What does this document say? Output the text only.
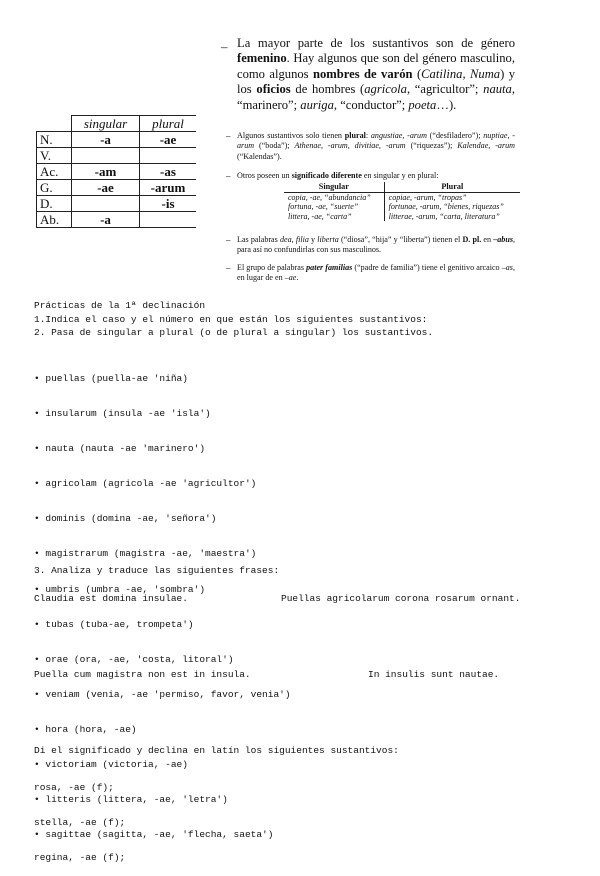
	singular	plural
N.	-a	-ae
V.		
Ac.	-am	-as
G.	-ae	-arum
D.		-is
Ab.	-a	
– La mayor parte de los sustantivos son de género femenino. Hay algunos que son del género masculino, como algunos nombres de varón (Catilina, Numa) y los oficios de hombres (agricola, “agricultor”; nauta, “marinero”; auriga, “conductor”; poeta…).
– Algunos sustantivos solo tienen plural: angustiae, -arum (“desfiladero”); nuptiae, -arum (“boda”); Athenae, -arum, divitiae, -arum (“riquezas”); Kalendae, -arum (“Kalendas”).
– Otros poseen un significado diferente en singular y en plural:
Singular	Plural
copia, -ae, “abundancia”	copiae, -arum, “tropas”
fortuna, -ae, “suerte”	fortunae, -arum, “bienes, riquezas”
littera, -ae, “carta”	litterae, -arum, “carta, literatura”
– Las palabras dea, filia y liberta (“diosa”, “hija” y “liberta”) tienen el D. pl. en –abus, para así no confundirlas con sus masculinos.
– El grupo de palabras pater familias (“padre de familia”) tiene el genitivo arcaico –as, en lugar de en –ae.
Prácticas de la 1ª declinación
1.Indica el caso y el número en que están los siguientes sustantivos:
2. Pasa de singular a plural (o de plural a singular) los sustantivos.

• puellas (puella-ae 'niña)

• insularum (insula -ae 'isla')

• nauta (nauta -ae 'marinero')

• agricolam (agricola -ae 'agricultor')

• dominis (domina -ae, 'señora')

• magistrarum (magistra -ae, 'maestra')

• umbris (umbra -ae, 'sombra')

• tubas (tuba-ae, trompeta')

• orae (ora, -ae, 'costa, litoral')

• veniam (venia, -ae 'permiso, favor, venia')

• hora (hora, -ae)

• victoriam (victoria, -ae)

• litteris (littera, -ae, 'letra')

• sagittae (sagitta, -ae, 'flecha, saeta')

3. Analiza y traduce las siguientes frases:
Claudia est domina insulae.	Puellas agricolarum corona rosarum ornant.
Puella cum magistra non est in insula.	In insulis sunt nautae.
Di el significado y declina en latín los siguientes sustantivos:

rosa, -ae (f);

stella, -ae (f);

regina, -ae (f);
